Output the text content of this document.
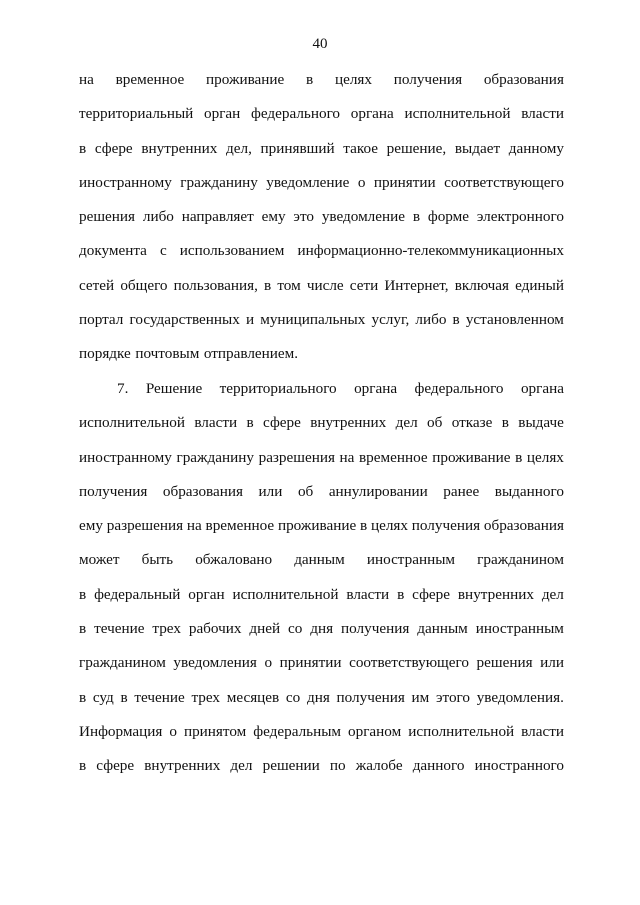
40
на временное проживание в целях получения образования
территориальный орган федерального органа исполнительной власти
в сфере внутренних дел, принявший такое решение, выдает данному
иностранному гражданину уведомление о принятии соответствующего
решения либо направляет ему это уведомление в форме электронного
документа с использованием информационно-телекоммуникационных
сетей общего пользования, в том числе сети Интернет, включая единый
портал государственных и муниципальных услуг, либо в установленном
порядке почтовым отправлением.
7. Решение территориального органа федерального органа
исполнительной власти в сфере внутренних дел об отказе в выдаче
иностранному гражданину разрешения на временное проживание в целях
получения образования или об аннулировании ранее выданного
ему разрешения на временное проживание в целях получения образования
может быть обжаловано данным иностранным гражданином
в федеральный орган исполнительной власти в сфере внутренних дел
в течение трех рабочих дней со дня получения данным иностранным
гражданином уведомления о принятии соответствующего решения или
в суд в течение трех месяцев со дня получения им этого уведомления.
Информация о принятом федеральным органом исполнительной власти
в сфере внутренних дел решении по жалобе данного иностранного
